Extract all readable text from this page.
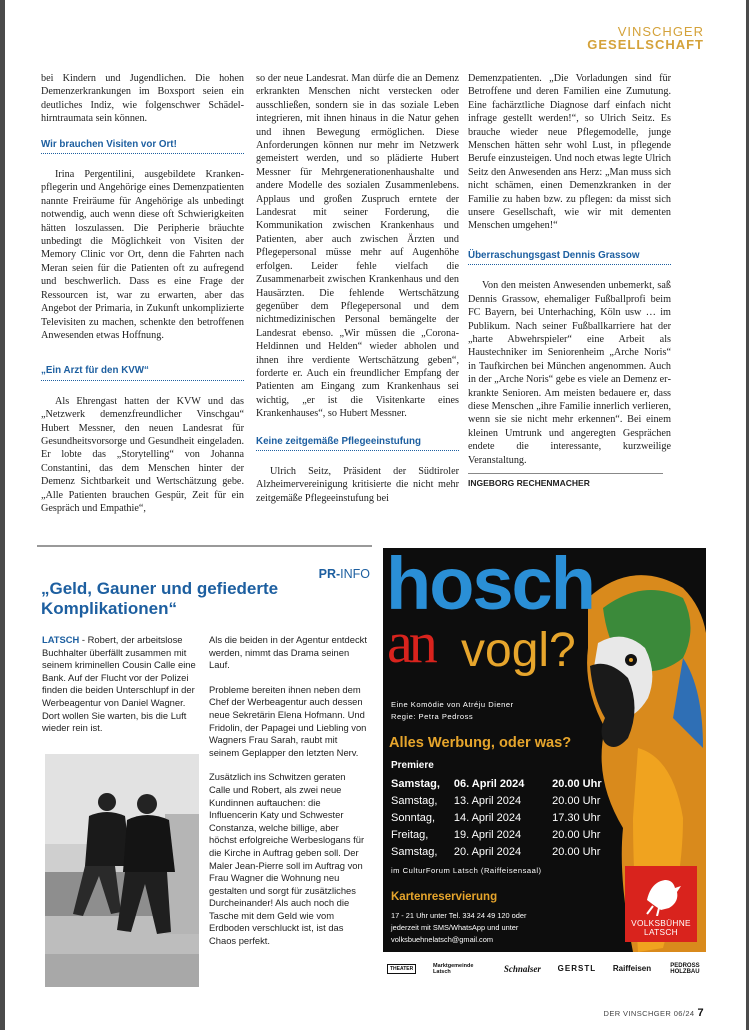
VINSCHGER
GESELLSCHAFT

bei Kindern und Jugendlichen. Die hohen Demenzerkrankungen im Boxsport seien ein deutliches Indiz, wie folgenschwer Schädelhirntraumata sein können.

Wir brauchen Visiten vor Ort!

Irina Pergentilini, ausgebildete Krankenpflegerin und Angehörige eines Demenzpatienten nannte Freiräume für Angehörige als unbedingt notwendig, auch wenn diese oft Schwierigkeiten hätten loszulassen. Die Peripherie bräuchte unbedingt die Möglichkeit von Visiten der Memory Clinic vor Ort, denn die Fahrten nach Meran seien für die Patienten oft zu aufregend und beschwerlich. Dass es eine Frage der Ressourcen ist, war zu erwarten, aber das Angebot der Primaria, in Zukunft unkomplizierte Televisiten zu machen, schenkte den betroffenen Anwesenden etwas Hoffnung.

„Ein Arzt für den KVW“

Als Ehrengast hatten der KVW und das „Netzwerk demenzfreundlicher Vinschgau“ Hubert Messner, den neuen Landesrat für Gesundheitsvorsorge und Gesundheit eingeladen. Er lobte das „Storytelling“ von Johanna Constantini, das dem Menschen hinter der Demenz Sichtbarkeit und Wertschätzung gebe. „Alle Patienten brauchen Gespür, Zeit für ein Gespräch und Empathie“,

so der neue Landesrat. Man dürfe die an Demenz erkrankten Menschen nicht verstecken oder ausschließen, sondern sie in das soziale Leben integrieren, mit ihnen hinaus in die Natur gehen und ihnen Bewegung ermöglichen. Diese Anforderungen können nur mehr im Netzwerk gemeistert werden, und so plädierte Hubert Messner für Mehrgenerationenhaushalte und andere Modelle des sozialen Zusammenlebens. Applaus und großen Zuspruch erntete der Landesrat mit seiner Forderung, die Kommunikation zwischen Krankenhaus und Patienten, aber auch zwischen Ärzten und Pflegepersonal müsse mehr auf Augenhöhe erfolgen. Leider fehle vielfach die Zusammenarbeit zwischen Krankenhaus und den Hausärzten. Die fehlende Wertschätzung gegenüber dem Pflegepersonal und dem nichtmedizinischen Personal bemängelte der Landesrat ebenso. „Wir müssen die „Corona-Heldinnen und Helden“ wieder abholen und ihnen ihre verdiente Wertschätzung geben“, forderte er. Auch ein freundlicher Empfang der Patienten am Eingang zum Krankenhaus sei wichtig, „er ist die Visitenkarte eines Krankenhauses“, so Hubert Messner.

Keine zeitgemäße Pflegeeinstufung

Ulrich Seitz, Präsident der Südtiroler Alzheimervereinigung kritisierte die nicht mehr zeitgemäße Pflegeeinstufung bei

Demenzpatienten. „Die Vorladungen sind für Betroffene und deren Familien eine Zumutung. Eine fachärztliche Diagnose darf einfach nicht infrage gestellt werden!“, so Ulrich Seitz. Es brauche wieder neue Pflegemodelle, junge Menschen hätten sehr wohl Lust, in pflegende Berufe einzusteigen. Und noch etwas legte Ulrich Seitz den Anwesenden ans Herz: „Man muss sich nicht schämen, einen Demenzkranken in der Familie zu haben bzw. zu pflegen: da misst sich unsere Gesellschaft, wie wir mit dementen Menschen umgehen!“

Überraschungsgast Dennis Grassow

Von den meisten Anwesenden unbemerkt, saß Dennis Grassow, ehemaliger Fußballprofi beim FC Bayern, bei Unterhaching, Köln usw … im Publikum. Nach seiner Fußballkarriere hat der „harte Abwehrspieler“ eine Arbeit als Haustechniker im Seniorenheim „Arche Noris“ in Taufkirchen bei München angenommen. Auch in der „Arche Noris“ gebe es viele an Demenz erkrankte Senioren. Am meisten bedauere er, dass diese Menschen „ihre Familie innerlich verlieren, wenn sie sie nicht mehr erkennen“. Bei einem kleinen Umtrunk und angeregten Gesprächen endete die interessante, kurzweilige Veranstaltung.

INGEBORG RECHENMACHER
PR-INFO
„Geld, Gauner und gefiederte Komplikationen“

LATSCH - Robert, der arbeitslose Buchhalter überfällt zusammen mit seinem kriminellen Cousin Calle eine Bank. Auf der Flucht vor der Polizei finden die beiden Unterschlupf in der Werbeagentur von Daniel Wagner. Dort wollen Sie warten, bis die Luft wieder rein ist.

Als die beiden in der Agentur entdeckt werden, nimmt das Drama seinen Lauf.

Probleme bereiten ihnen neben dem Chef der Werbeagentur auch dessen neue Sekretärin Elena Hofmann. Und Fridolin, der Papagei und Liebling von Wagners Frau Sarah, raubt mit seinem Geplapper den letzten Nerv.

Zusätzlich ins Schwitzen geraten Calle und Robert, als zwei neue Kundinnen auftauchen: die Influencerin Katy und Schwester Constanza, welche billige, aber höchst erfolgreiche Werbeslogans für die Kirche in Auftrag geben soll. Der Maler Jean-Pierre soll im Auftrag von Frau Wagner die Wohnung neu gestalten und sorgt für zusätzliches Durcheinander! Als auch noch die Tasche mit dem Geld wie vom Erdboden verschluckt ist, ist das Chaos perfekt.

hosch
an vogl?
Eine Komödie von Atréju Diener
Regie: Petra Pedross
Alles Werbung, oder was?
Premiere
Samstag,	06. April 2024	20.00 Uhr
Samstag,	13. April 2024	20.00 Uhr
Sonntag,	14. April 2024	17.30 Uhr
Freitag,	19. April 2024	20.00 Uhr
Samstag,	20. April 2024	20.00 Uhr
im CulturForum Latsch (Raiffeisensaal)
Kartenreservierung
17 - 21 Uhr unter Tel. 334 24 49 120 oder
jederzeit mit SMS/WhatsApp und unter
volksbuehnelatsch@gmail.com
VOLKSBÜHNE
LATSCH
THEATER	Marktgemeinde Latsch	Schnalser GERSTL Raiffeisen	PEDROSS HOLZBAU
DER VINSCHGER 06/24 7
